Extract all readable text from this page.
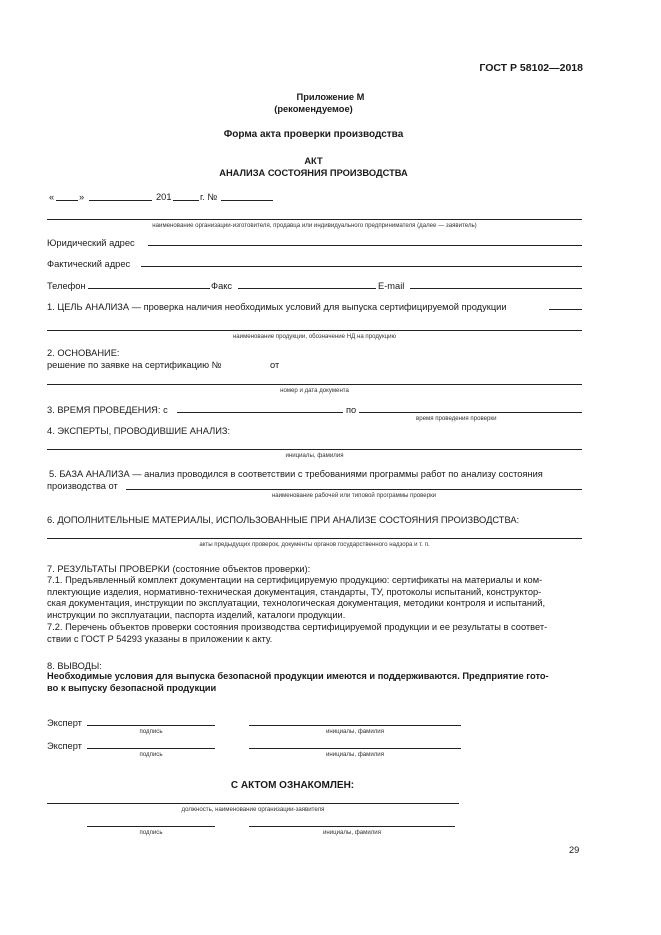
ГОСТ Р 58102—2018
Приложение М
(рекомендуемое)
Форма акта проверки производства
АКТ
АНАЛИЗА СОСТОЯНИЯ ПРОИЗВОДСТВА
«	»	201	г. №
наименование организации-изготовителя, продавца или индивидуального предпринимателя (далее — заявитель)
Юридический адрес
Фактический адрес
Телефон	Факс	E-mail
1. ЦЕЛЬ АНАЛИЗА — проверка наличия необходимых условий для выпуска сертифицируемой продукции
наименование продукции, обозначение НД на продукцию
2. ОСНОВАНИЕ:
решение по заявке на сертификацию №	от
номер и дата документа
3. ВРЕМЯ ПРОВЕДЕНИЯ: с	по
время проведения проверки
4. ЭКСПЕРТЫ, ПРОВОДИВШИЕ АНАЛИЗ:
инициалы, фамилия
5. БАЗА АНАЛИЗА — анализ проводился в соответствии с требованиями программы работ по анализу состояния
производства от
наименование рабочей или типовой программы проверки
6. ДОПОЛНИТЕЛЬНЫЕ МАТЕРИАЛЫ, ИСПОЛЬЗОВАННЫЕ ПРИ АНАЛИЗЕ СОСТОЯНИЯ ПРОИЗВОДСТВА:
акты предыдущих проверок, документы органов государственного надзора и т. п.
7. РЕЗУЛЬТАТЫ ПРОВЕРКИ (состояние объектов проверки):
7.1. Предъявленный комплект документации на сертифицируемую продукцию: сертификаты на материалы и ком-
плектующие изделия, нормативно-техническая документация, стандарты, ТУ, протоколы испытаний, конструктор-
ская документация, инструкции по эксплуатации, технологическая документация, методики контроля и испытаний,
инструкции по эксплуатации, паспорта изделий, каталоги продукции.
7.2. Перечень объектов проверки состояния производства сертифицируемой продукции и ее результаты в соответ-
ствии с ГОСТ Р 54293 указаны в приложении к акту.
8. ВЫВОДЫ:
Необходимые условия для выпуска безопасной продукции имеются и поддерживаются. Предприятие гото-
во к выпуску безопасной продукции
Эксперт
подпись	инициалы, фамилия
Эксперт
подпись	инициалы, фамилия
С АКТОМ ОЗНАКОМЛЕН:
должность, наименование организации-заявителя
подпись	инициалы, фамилия
29
